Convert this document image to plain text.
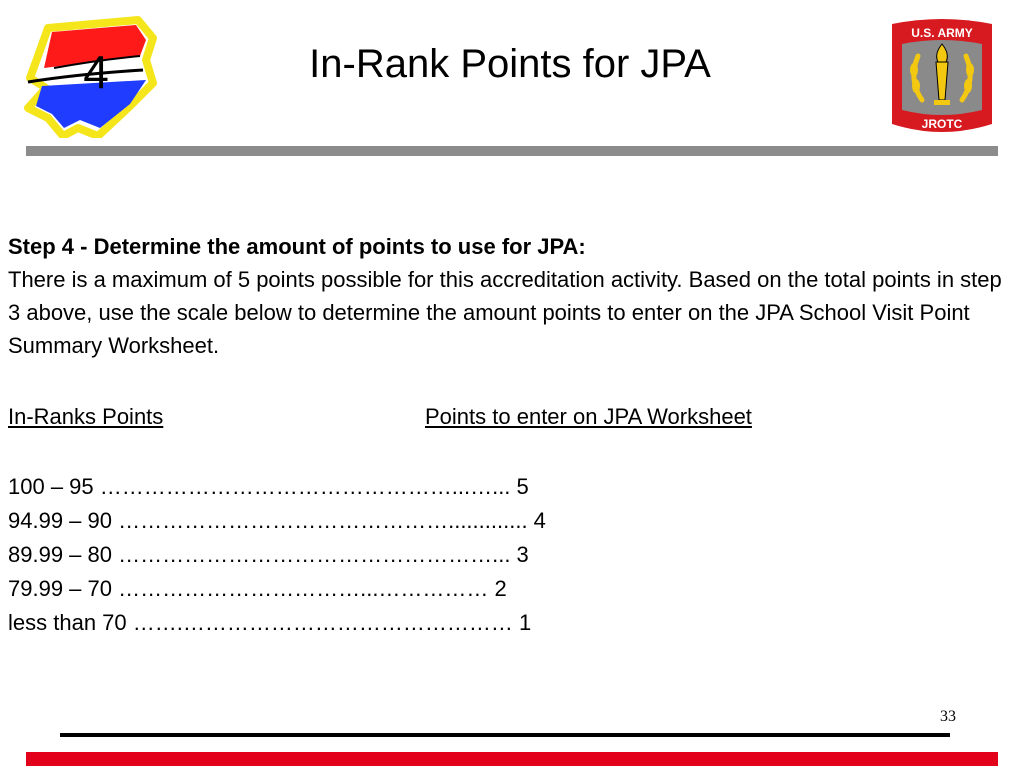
4	In-Rank Points for JPA
U.S. ARMY
JROTC

Step 4 - Determine the amount of points to use for JPA:

There is a maximum of 5 points possible for this accreditation activity. Based on the total points in step 3 above, use the scale below to determine the amount points to enter on the JPA School Visit Point Summary Worksheet.

In-Ranks Points	Points to enter on JPA Worksheet
100 – 95 …………………………………………...…... 5
94.99 – 90 ………………………………………............. 4
89.99 – 80 ……………………………………………... 3
79.99 – 70 ……………………………...…………… 2
less than 70 …….……………………………………… 1
33
